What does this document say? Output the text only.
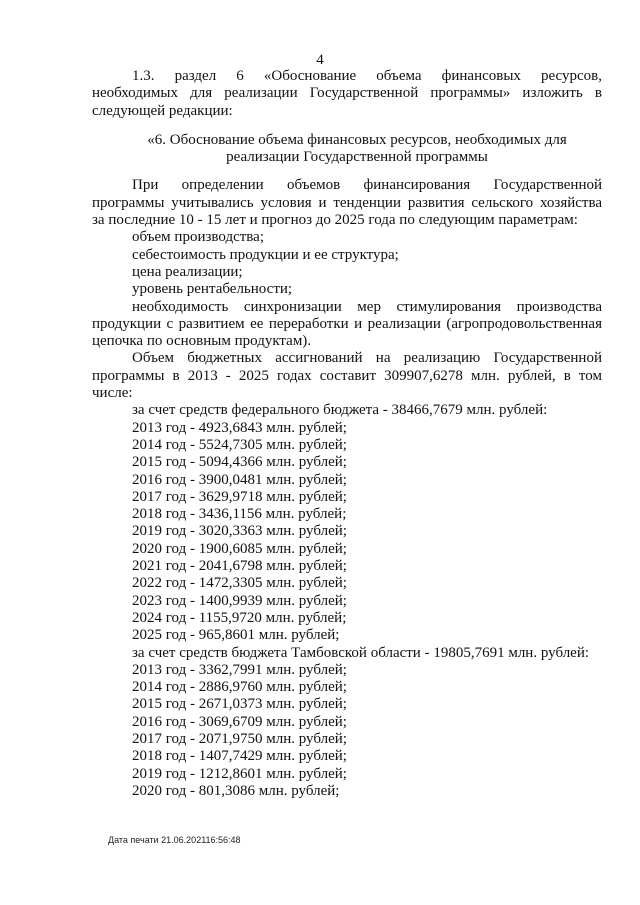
4
1.3.    раздел    6    «Обоснование    объема    финансовых    ресурсов,
необходимых для реализации Государственной программы» изложить в
следующей редакции:
«6. Обоснование объема финансовых ресурсов, необходимых для
реализации Государственной программы
При    определении    объемов    финансирования    Государственной
программы учитывались условия и тенденции развития сельского хозяйства
за последние 10 - 15 лет и прогноз до 2025 года по следующим параметрам:

объем производства;

себестоимость продукции и ее структура;

цена реализации;

уровень рентабельности;

необходимость   синхронизации   мер   стимулирования   производства
продукции с развитием ее переработки и реализации (агропродовольственная
цепочка по основным продуктам).
Объем   бюджетных   ассигнований   на   реализацию   Государственной
программы в 2013 - 2025 годах составит 309907,6278 млн. рублей, в том
числе:

за счет средств федерального бюджета - 38466,7679 млн. рублей:

2013 год - 4923,6843 млн. рублей;

2014 год - 5524,7305 млн. рублей;

2015 год - 5094,4366 млн. рублей;

2016 год - 3900,0481 млн. рублей;

2017 год - 3629,9718 млн. рублей;

2018 год - 3436,1156 млн. рублей;

2019 год - 3020,3363 млн. рублей;

2020 год - 1900,6085 млн. рублей;

2021 год - 2041,6798 млн. рублей;

2022 год - 1472,3305 млн. рублей;

2023 год - 1400,9939 млн. рублей;

2024 год - 1155,9720 млн. рублей;

2025 год - 965,8601 млн. рублей;

за счет средств бюджета Тамбовской области - 19805,7691 млн. рублей:

2013 год - 3362,7991 млн. рублей;

2014 год - 2886,9760 млн. рублей;

2015 год - 2671,0373 млн. рублей;

2016 год - 3069,6709 млн. рублей;

2017 год - 2071,9750 млн. рублей;

2018 год - 1407,7429 млн. рублей;

2019 год - 1212,8601 млн. рублей;

2020 год - 801,3086 млн. рублей;

Дата печати 21.06.202116:56:48
